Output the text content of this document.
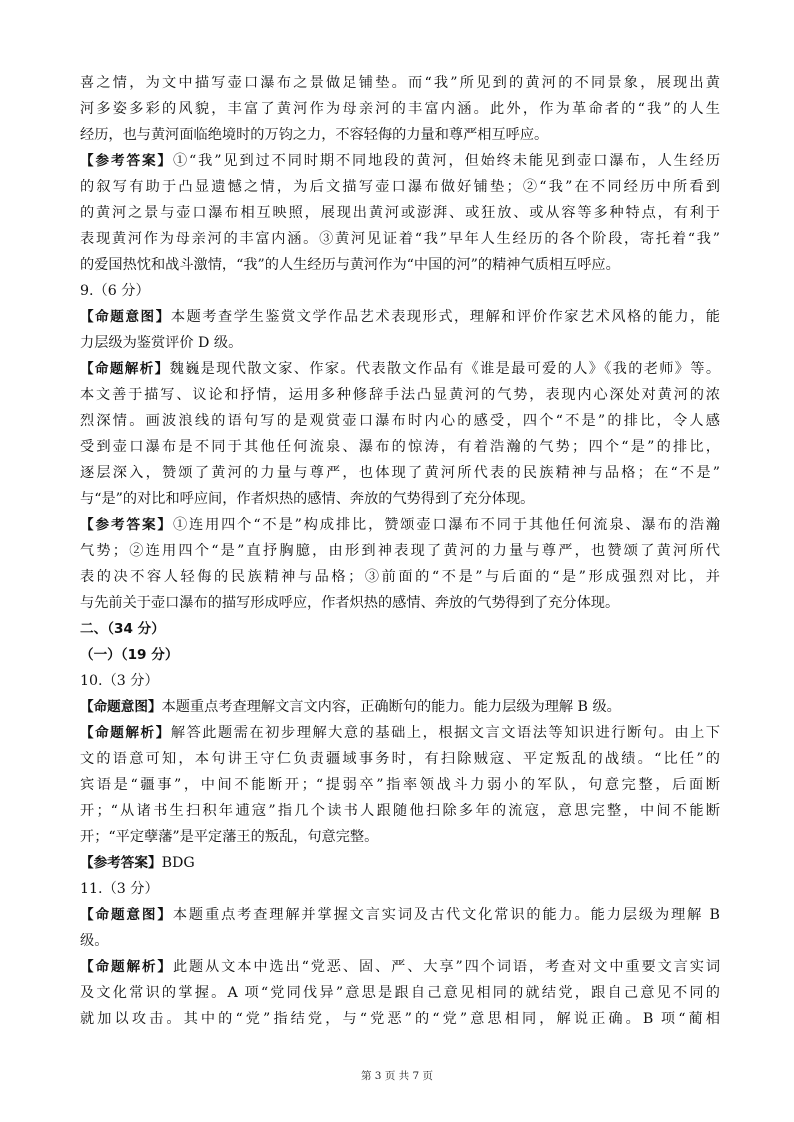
喜之情，为文中描写壶口瀑布之景做足铺垫。而“我”所见到的黄河的不同景象，展现出黄
河多姿多彩的风貌，丰富了黄河作为母亲河的丰富内涵。此外，作为革命者的“我”的人生
经历，也与黄河面临绝境时的万钧之力，不容轻侮的力量和尊严相互呼应。
【参考答案】①“我”见到过不同时期不同地段的黄河，但始终未能见到壶口瀑布，人生经历
的叙写有助于凸显遗憾之情，为后文描写壶口瀑布做好铺垫；②“我”在不同经历中所看到
的黄河之景与壶口瀑布相互映照，展现出黄河或澎湃、或狂放、或从容等多种特点，有利于
表现黄河作为母亲河的丰富内涵。③黄河见证着“我”早年人生经历的各个阶段，寄托着“我”
的爱国热忱和战斗激情，“我”的人生经历与黄河作为“中国的河”的精神气质相互呼应。
9.（6 分）
【命题意图】本题考查学生鉴赏文学作品艺术表现形式，理解和评价作家艺术风格的能力，能
力层级为鉴赏评价 D 级。
【命题解析】魏巍是现代散文家、作家。代表散文作品有《谁是最可爱的人》《我的老师》等。
本文善于描写、议论和抒情，运用多种修辞手法凸显黄河的气势，表现内心深处对黄河的浓
烈深情。画波浪线的语句写的是观赏壶口瀑布时内心的感受，四个“不是”的排比，令人感
受到壶口瀑布是不同于其他任何流泉、瀑布的惊涛，有着浩瀚的气势；四个“是”的排比，
逐层深入，赞颂了黄河的力量与尊严，也体现了黄河所代表的民族精神与品格；在“不是”
与“是”的对比和呼应间，作者炽热的感情、奔放的气势得到了充分体现。
【参考答案】①连用四个“不是”构成排比，赞颂壶口瀑布不同于其他任何流泉、瀑布的浩瀚
气势；②连用四个“是”直抒胸臆，由形到神表现了黄河的力量与尊严，也赞颂了黄河所代
表的决不容人轻侮的民族精神与品格；③前面的“不是”与后面的“是”形成强烈对比，并
与先前关于壶口瀑布的描写形成呼应，作者炽热的感情、奔放的气势得到了充分体现。
二、（34 分）
（一）（19 分）
10.（3 分）
【命题意图】本题重点考查理解文言文内容，正确断句的能力。能力层级为理解 B 级。
【命题解析】解答此题需在初步理解大意的基础上，根据文言文语法等知识进行断句。由上下
文的语意可知，本句讲王守仁负责疆域事务时，有扫除贼寇、平定叛乱的战绩。“比任”的
宾语是“疆事”，中间不能断开；“提弱卒”指率领战斗力弱小的军队，句意完整，后面断
开；“从诸书生扫积年逋寇”指几个读书人跟随他扫除多年的流寇，意思完整，中间不能断
开；“平定孽藩”是平定藩王的叛乱，句意完整。
【参考答案】BDG
11.（3 分）
【命题意图】本题重点考查理解并掌握文言实词及古代文化常识的能力。能力层级为理解 B
级。
【命题解析】此题从文本中选出“党恶、固、严、大享”四个词语，考查对文中重要文言实词
及文化常识的掌握。A 项“党同伐异”意思是跟自己意见相同的就结党，跟自己意见不同的
就加以攻击。其中的“党”指结党，与“党恶”的“党”意思相同，解说正确。B 项“蔺相
第 3 页 共 7 页
